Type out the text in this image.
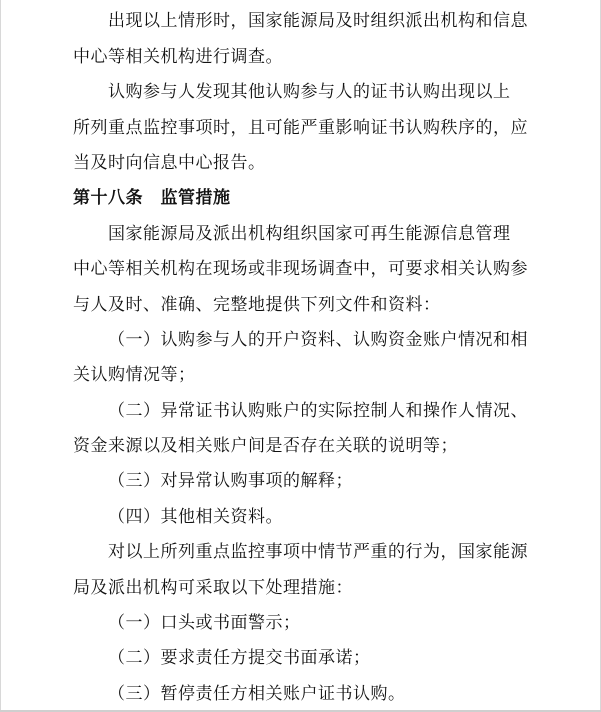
出现以上情形时，国家能源局及时组织派出机构和信息
中心等相关机构进行调查。
认购参与人发现其他认购参与人的证书认购出现以上
所列重点监控事项时，且可能严重影响证书认购秩序的，应
当及时向信息中心报告。
第十八条　监管措施
国家能源局及派出机构组织国家可再生能源信息管理
中心等相关机构在现场或非现场调查中，可要求相关认购参
与人及时、准确、完整地提供下列文件和资料：
（一）认购参与人的开户资料、认购资金账户情况和相
关认购情况等；
（二）异常证书认购账户的实际控制人和操作人情况、
资金来源以及相关账户间是否存在关联的说明等；
（三）对异常认购事项的解释；
（四）其他相关资料。
对以上所列重点监控事项中情节严重的行为，国家能源
局及派出机构可采取以下处理措施：
（一）口头或书面警示；
（二）要求责任方提交书面承诺；
（三）暂停责任方相关账户证书认购。
